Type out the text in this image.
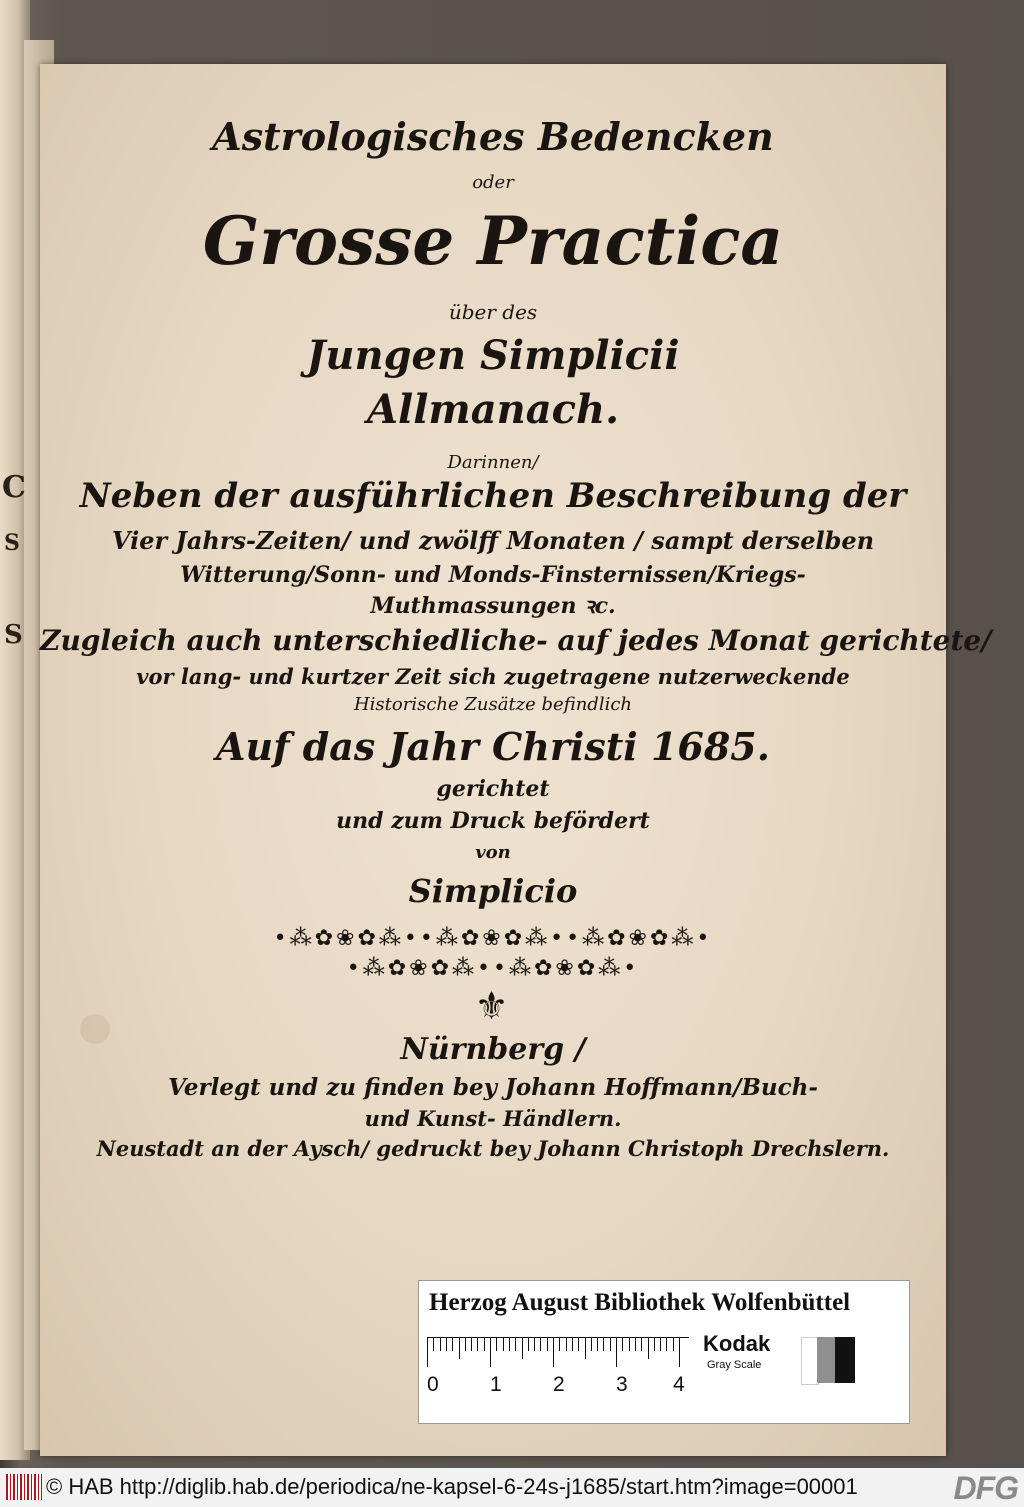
C
S
S
Astrologisches Bedencken
oder
Grosse Practica
über des
Jungen Simplicii
Allmanach.
Darinnen/
Neben der ausführlichen Beschreibung der
Vier Jahrs-Zeiten/ und zwölff Monaten / sampt derselben
Witterung/Sonn- und Monds-Finsternissen/Kriegs-
Muthmassungen ꝛc.
Zugleich auch unterschiedliche- auf jedes Monat gerichtete/
vor lang- und kurtzer Zeit sich zugetragene nutzerweckende
Historische Zusätze befindlich
Auf das Jahr Christi 1685.
gerichtet
und zum Druck befördert
von
Simplicio
•⁂✿❀✿⁂••⁂✿❀✿⁂••⁂✿❀✿⁂•
•⁂✿❀✿⁂••⁂✿❀✿⁂•
⚜
Nürnberg /
Verlegt und zu finden bey Johann Hoffmann/Buch-
und Kunst- Händlern.
Neustadt an der Aysch/ gedruckt bey Johann Christoph Drechslern.
Herzog August Bibliothek Wolfenbüttel
0 1 2 3 4
Kodak
Gray Scale
© HAB http://diglib.hab.de/periodica/ne-kapsel-6-24s-j1685/start.htm?image=00001	DFG
